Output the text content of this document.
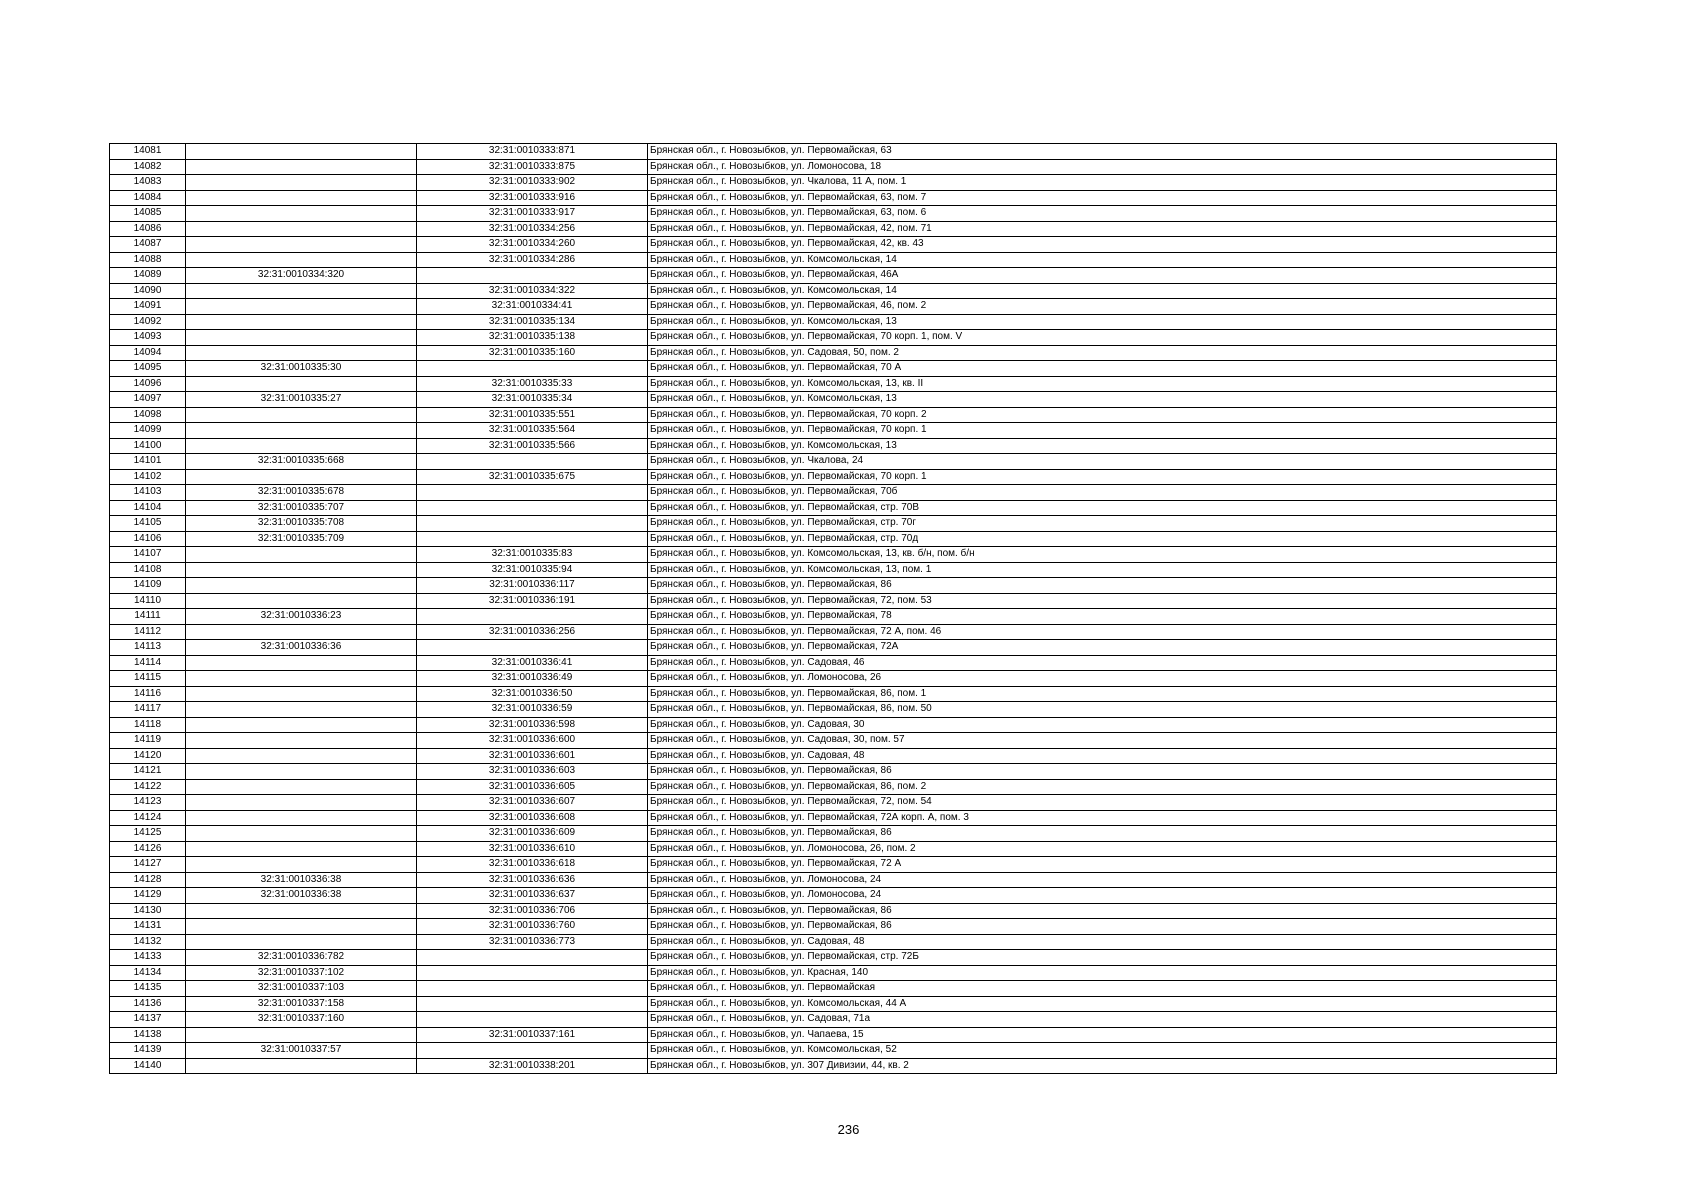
14081		32:31:0010333:871	Брянская обл., г. Новозыбков, ул. Первомайская, 63
14082		32:31:0010333:875	Брянская обл., г. Новозыбков, ул. Ломоносова, 18
14083		32:31:0010333:902	Брянская обл., г. Новозыбков, ул. Чкалова, 11 А, пом. 1
14084		32:31:0010333:916	Брянская обл., г. Новозыбков, ул. Первомайская, 63, пом. 7
14085		32:31:0010333:917	Брянская обл., г. Новозыбков, ул. Первомайская, 63, пом. 6
14086		32:31:0010334:256	Брянская обл., г. Новозыбков, ул. Первомайская, 42, пом. 71
14087		32:31:0010334:260	Брянская обл., г. Новозыбков, ул. Первомайская, 42, кв. 43
14088		32:31:0010334:286	Брянская обл., г. Новозыбков, ул. Комсомольская, 14
14089	32:31:0010334:320		Брянская обл., г. Новозыбков, ул. Первомайская, 46А
14090		32:31:0010334:322	Брянская обл., г. Новозыбков, ул. Комсомольская, 14
14091		32:31:0010334:41	Брянская обл., г. Новозыбков, ул. Первомайская, 46, пом. 2
14092		32:31:0010335:134	Брянская обл., г. Новозыбков, ул. Комсомольская, 13
14093		32:31:0010335:138	Брянская обл., г. Новозыбков, ул. Первомайская, 70 корп. 1, пом. V
14094		32:31:0010335:160	Брянская обл., г. Новозыбков, ул. Садовая, 50, пом. 2
14095	32:31:0010335:30		Брянская обл., г. Новозыбков, ул. Первомайская, 70 А
14096		32:31:0010335:33	Брянская обл., г. Новозыбков, ул. Комсомольская, 13, кв. II
14097	32:31:0010335:27	32:31:0010335:34	Брянская обл., г. Новозыбков, ул. Комсомольская, 13
14098		32:31:0010335:551	Брянская обл., г. Новозыбков, ул. Первомайская, 70 корп. 2
14099		32:31:0010335:564	Брянская обл., г. Новозыбков, ул. Первомайская, 70 корп. 1
14100		32:31:0010335:566	Брянская обл., г. Новозыбков, ул. Комсомольская, 13
14101	32:31:0010335:668		Брянская обл., г. Новозыбков, ул. Чкалова, 24
14102		32:31:0010335:675	Брянская обл., г. Новозыбков, ул. Первомайская, 70 корп. 1
14103	32:31:0010335:678		Брянская обл., г. Новозыбков, ул. Первомайская, 70б
14104	32:31:0010335:707		Брянская обл., г. Новозыбков, ул. Первомайская, стр. 70В
14105	32:31:0010335:708		Брянская обл., г. Новозыбков, ул. Первомайская, стр. 70г
14106	32:31:0010335:709		Брянская обл., г. Новозыбков, ул. Первомайская, стр. 70д
14107		32:31:0010335:83	Брянская обл., г. Новозыбков, ул. Комсомольская, 13, кв. б/н, пом. б/н
14108		32:31:0010335:94	Брянская обл., г. Новозыбков, ул. Комсомольская, 13, пом. 1
14109		32:31:0010336:117	Брянская обл., г. Новозыбков, ул. Первомайская, 86
14110		32:31:0010336:191	Брянская обл., г. Новозыбков, ул. Первомайская, 72, пом. 53
14111	32:31:0010336:23		Брянская обл., г. Новозыбков, ул. Первомайская, 78
14112		32:31:0010336:256	Брянская обл., г. Новозыбков, ул. Первомайская, 72 А, пом. 46
14113	32:31:0010336:36		Брянская обл., г. Новозыбков, ул. Первомайская, 72А
14114		32:31:0010336:41	Брянская обл., г. Новозыбков, ул. Садовая, 46
14115		32:31:0010336:49	Брянская обл., г. Новозыбков, ул. Ломоносова, 26
14116		32:31:0010336:50	Брянская обл., г. Новозыбков, ул. Первомайская, 86, пом. 1
14117		32:31:0010336:59	Брянская обл., г. Новозыбков, ул. Первомайская, 86, пом. 50
14118		32:31:0010336:598	Брянская обл., г. Новозыбков, ул. Садовая, 30
14119		32:31:0010336:600	Брянская обл., г. Новозыбков, ул. Садовая, 30, пом. 57
14120		32:31:0010336:601	Брянская обл., г. Новозыбков, ул. Садовая, 48
14121		32:31:0010336:603	Брянская обл., г. Новозыбков, ул. Первомайская, 86
14122		32:31:0010336:605	Брянская обл., г. Новозыбков, ул. Первомайская, 86, пом. 2
14123		32:31:0010336:607	Брянская обл., г. Новозыбков, ул. Первомайская, 72, пом. 54
14124		32:31:0010336:608	Брянская обл., г. Новозыбков, ул. Первомайская, 72А корп. А, пом. 3
14125		32:31:0010336:609	Брянская обл., г. Новозыбков, ул. Первомайская, 86
14126		32:31:0010336:610	Брянская обл., г. Новозыбков, ул. Ломоносова, 26, пом. 2
14127		32:31:0010336:618	Брянская обл., г. Новозыбков, ул. Первомайская, 72 А
14128	32:31:0010336:38	32:31:0010336:636	Брянская обл., г. Новозыбков, ул. Ломоносова, 24
14129	32:31:0010336:38	32:31:0010336:637	Брянская обл., г. Новозыбков, ул. Ломоносова, 24
14130		32:31:0010336:706	Брянская обл., г. Новозыбков, ул. Первомайская, 86
14131		32:31:0010336:760	Брянская обл., г. Новозыбков, ул. Первомайская, 86
14132		32:31:0010336:773	Брянская обл., г. Новозыбков, ул. Садовая, 48
14133	32:31:0010336:782		Брянская обл., г. Новозыбков, ул. Первомайская, стр. 72Б
14134	32:31:0010337:102		Брянская обл., г. Новозыбков, ул. Красная, 140
14135	32:31:0010337:103		Брянская обл., г. Новозыбков, ул. Первомайская
14136	32:31:0010337:158		Брянская обл., г. Новозыбков, ул. Комсомольская, 44 А
14137	32:31:0010337:160		Брянская обл., г. Новозыбков, ул. Садовая, 71а
14138		32:31:0010337:161	Брянская обл., г. Новозыбков, ул. Чапаева, 15
14139	32:31:0010337:57		Брянская обл., г. Новозыбков, ул. Комсомольская, 52
14140		32:31:0010338:201	Брянская обл., г. Новозыбков, ул. 307 Дивизии, 44, кв. 2
236
